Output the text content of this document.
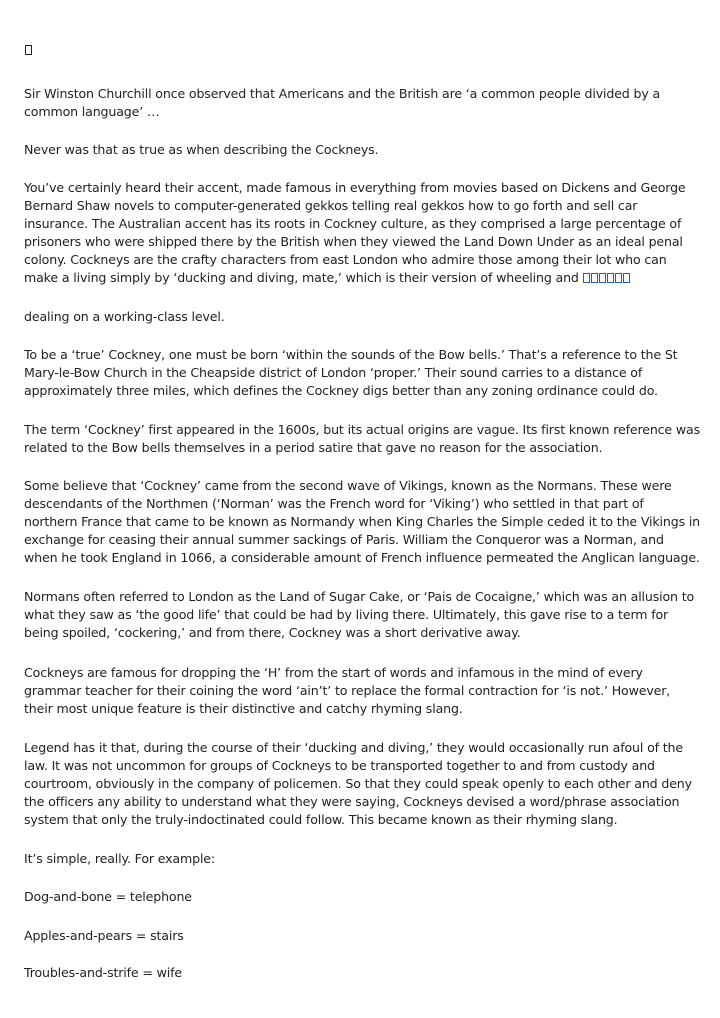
Sir Winston Churchill once observed that Americans and the British are ‘a common people divided by a common language’ …

Never was that as true as when describing the Cockneys.

You’ve certainly heard their accent, made famous in everything from movies based on Dickens and George Bernard Shaw novels to computer-generated gekkos telling real gekkos how to go forth and sell car insurance. The Australian accent has its roots in Cockney culture, as they comprised a large percentage of prisoners who were shipped there by the British when they viewed the Land Down Under as an ideal penal colony. Cockneys are the crafty characters from east London who admire those among their lot who can make a living simply by ‘ducking and diving, mate,’ which is their version of wheeling and

dealing on a working-class level.

To be a ‘true’ Cockney, one must be born ‘within the sounds of the Bow bells.’ That’s a reference to the St Mary-le-Bow Church in the Cheapside district of London ‘proper.’ Their sound carries to a distance of approximately three miles, which defines the Cockney digs better than any zoning ordinance could do.

The term ‘Cockney’ first appeared in the 1600s, but its actual origins are vague. Its first known reference was related to the Bow bells themselves in a period satire that gave no reason for the association.

Some believe that ‘Cockney’ came from the second wave of Vikings, known as the Normans. These were descendants of the Northmen (‘Norman’ was the French word for ‘Viking’) who settled in that part of northern France that came to be known as Normandy when King Charles the Simple ceded it to the Vikings in exchange for ceasing their annual summer sackings of Paris. William the Conqueror was a Norman, and when he took England in 1066, a considerable amount of French influence permeated the Anglican language.

Normans often referred to London as the Land of Sugar Cake, or ‘Pais de Cocaigne,’ which was an allusion to what they saw as ‘the good life’ that could be had by living there. Ultimately, this gave rise to a term for being spoiled, ‘cockering,’ and from there, Cockney was a short derivative away.

Cockneys are famous for dropping the ‘H’ from the start of words and infamous in the mind of every grammar teacher for their coining the word ‘ain’t’ to replace the formal contraction for ‘is not.’ However, their most unique feature is their distinctive and catchy rhyming slang.

Legend has it that, during the course of their ‘ducking and diving,’ they would occasionally run afoul of the law. It was not uncommon for groups of Cockneys to be transported together to and from custody and courtroom, obviously in the company of policemen. So that they could speak openly to each other and deny the officers any ability to understand what they were saying, Cockneys devised a word/phrase association system that only the truly-indoctinated could follow. This became known as their rhyming slang.

It’s simple, really. For example:

Dog-and-bone = telephone

Apples-and-pears = stairs

Troubles-and-strife = wife
